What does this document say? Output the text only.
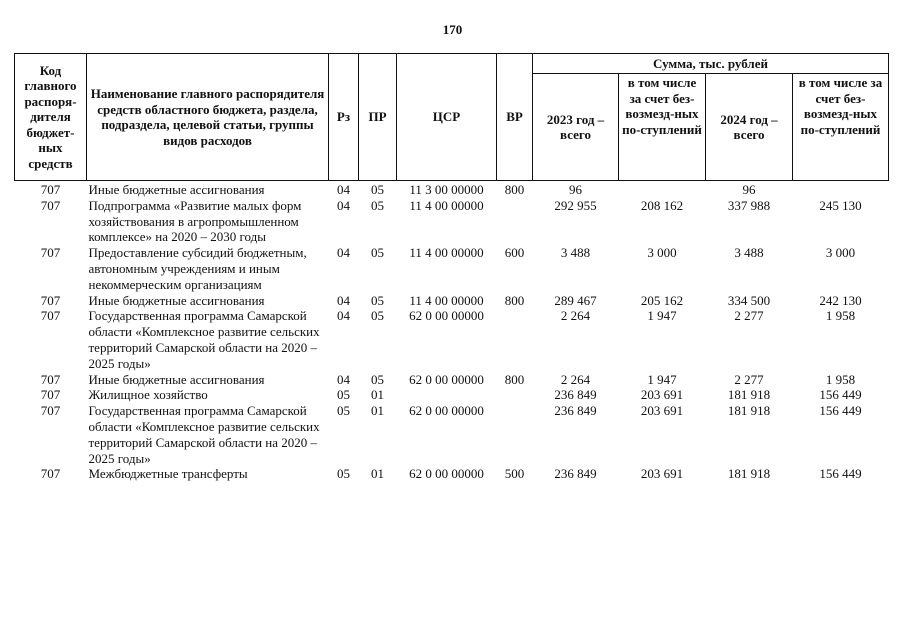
170
Код главного распоря-дителя бюджет-ных средств	Наименование главного распорядителя средств областного бюджета, раздела, подраздела, целевой статьи, группы видов расходов	Рз	ПР	ЦСР	ВР	Сумма, тыс. рублей			
						2023 год – всего	в том числе за счет без-возмезд-ных по-ступлений	2024 год – всего	в том числе за счет без-возмезд-ных по-ступлений
707	Иные бюджетные ассигнования	04	05	11 3 00 00000	800	96		96	
707	Подпрограмма «Развитие малых форм хозяйствования в агропромышленном комплексе» на 2020 – 2030 годы	04	05	11 4 00 00000		292 955	208 162	337 988	245 130
707	Предоставление субсидий бюджетным, автономным учреждениям и иным некоммерческим организациям	04	05	11 4 00 00000	600	3 488	3 000	3 488	3 000
707	Иные бюджетные ассигнования	04	05	11 4 00 00000	800	289 467	205 162	334 500	242 130
707	Государственная программа Самарской области «Комплексное развитие сельских территорий Самарской области на 2020 – 2025 годы»	04	05	62 0 00 00000		2 264	1 947	2 277	1 958
707	Иные бюджетные ассигнования	04	05	62 0 00 00000	800	2 264	1 947	2 277	1 958
707	Жилищное хозяйство	05	01			236 849	203 691	181 918	156 449
707	Государственная программа Самарской области «Комплексное развитие сельских территорий Самарской области на 2020 – 2025 годы»	05	01	62 0 00 00000		236 849	203 691	181 918	156 449
707	Межбюджетные трансферты	05	01	62 0 00 00000	500	236 849	203 691	181 918	156 449
